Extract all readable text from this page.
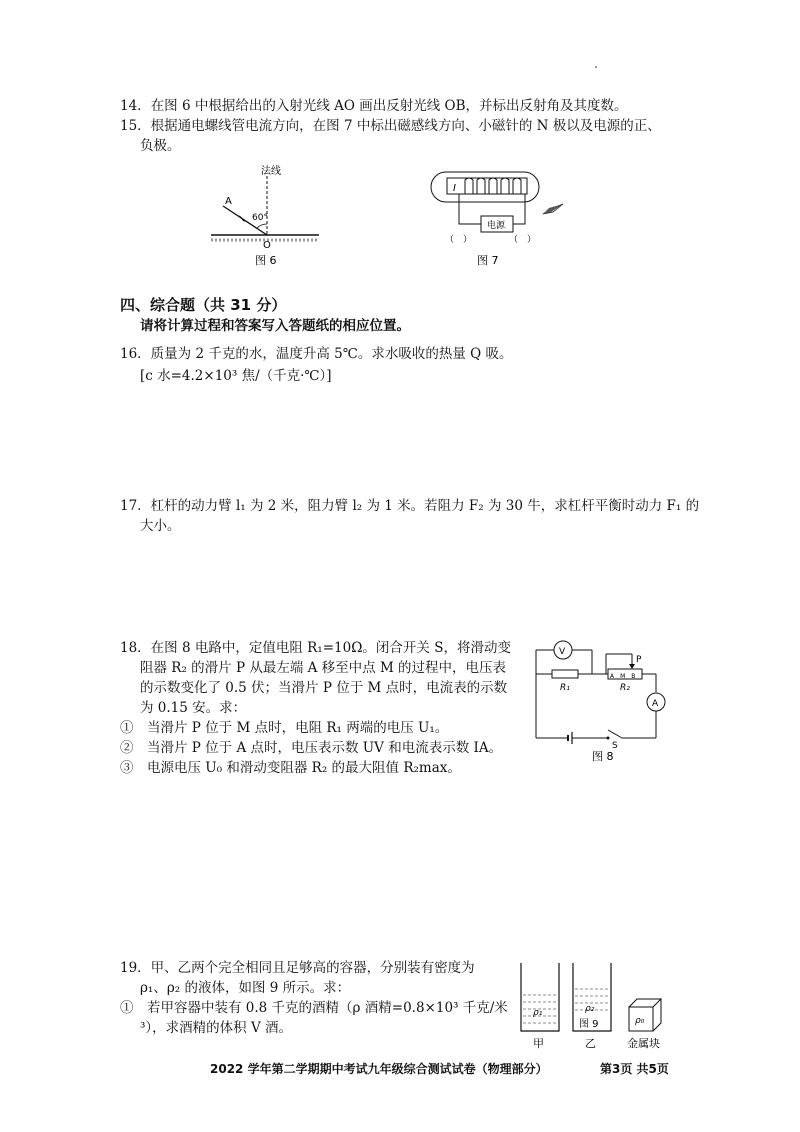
14．在图 6 中根据给出的入射光线 AO 画出反射光线 OB，并标出反射角及其度数。
15．根据通电螺线管电流方向，在图 7 中标出磁感线方向、小磁针的 N 极以及电源的正、
负极。
法线
A
60°
O
图 6
I
电源
（　）	（　）
图 7
四、综合题（共 31 分）
请将计算过程和答案写入答题纸的相应位置。
16．质量为 2 千克的水，温度升高 5℃。求水吸收的热量 Q 吸。
[c 水=4.2×10³ 焦/（千克·℃）]
17．杠杆的动力臂 l₁ 为 2 米，阻力臂 l₂ 为 1 米。若阻力 F₂ 为 30 牛，求杠杆平衡时动力 F₁ 的
大小。
18．在图 8 电路中，定值电阻 R₁=10Ω。闭合开关 S，将滑动变
阻器 R₂ 的滑片 P 从最左端 A 移至中点 M 的过程中，电压表
的示数变化了 0.5 伏；当滑片 P 位于 M 点时，电流表的示数
为 0.15 安。求：
①　当滑片 P 位于 M 点时，电阻 R₁ 两端的电压 U₁。
②　当滑片 P 位于 A 点时，电压表示数 UV 和电流表示数 IA。
③　电源电压 U₀ 和滑动变阻器 R₂ 的最大阻值 R₂max。
A　M　B
A
V
P
R₁	R₂
S
图 8
19．甲、乙两个完全相同且足够高的容器，分别装有密度为
ρ₁、ρ₂ 的液体，如图 9 所示。求：
①　若甲容器中装有 0.8 千克的酒精（ρ 酒精=0.8×10³ 千克/米
³），求酒精的体积 V 酒。
ρ₁	ρ₂
图 9	ρ₀
甲	乙	金属块
2022 学年第二学期期中考试九年级综合测试试卷（物理部分）	第3页 共5页
